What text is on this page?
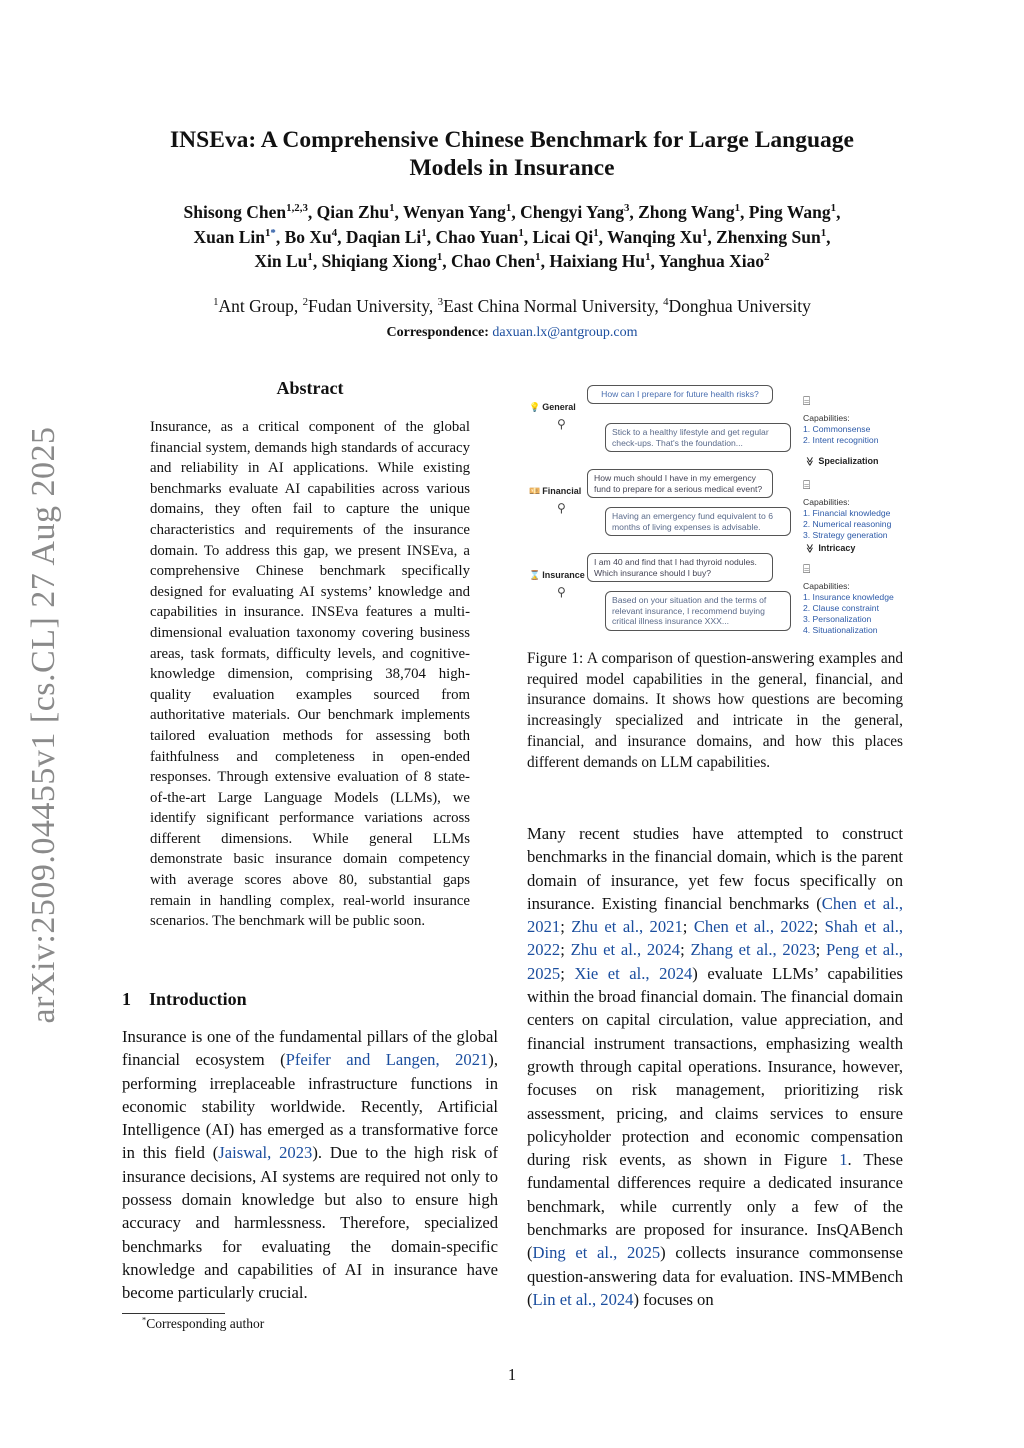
arXiv:2509.04455v1 [cs.CL] 27 Aug 2025
INSEva: A Comprehensive Chinese Benchmark for Large Language
Models in Insurance
Shisong Chen$^{1,2,3}$, Qian Zhu$^1$, Wenyan Yang$^1$, Chengyi Yang$^3$, Zhong Wang$^1$, Ping Wang$^1$,
Xuan Lin$^{1*}$, Bo Xu$^4$, Daqian Li$^1$, Chao Yuan$^1$, Licai Qi$^1$, Wanqing Xu$^1$, Zhenxing Sun$^1$,
Xin Lu$^1$, Shiqiang Xiong$^1$, Chao Chen$^1$, Haixiang Hu$^1$, Yanghua Xiao$^2$
$^1$Ant Group, $^2$Fudan University, $^3$East China Normal University, $^4$Donghua University
Correspondence: daxuan.lx@antgroup.com
Abstract
Insurance, as a critical component of the global financial system, demands high standards of accuracy and reliability in AI applications. While existing benchmarks evaluate AI capabilities across various domains, they often fail to capture the unique characteristics and requirements of the insurance domain. To address this gap, we present INSEva, a comprehensive Chinese benchmark specifically designed for evaluating AI systems’ knowledge and capabilities in insurance. INSEva features a multi-dimensional evaluation taxonomy covering business areas, task formats, difficulty levels, and cognitive-knowledge dimension, comprising 38,704 high-quality evaluation examples sourced from authoritative materials. Our benchmark implements tailored evaluation methods for assessing both faithfulness and completeness in open-ended responses. Through extensive evaluation of 8 state-of-the-art Large Language Models (LLMs), we identify significant performance variations across different dimensions. While general LLMs demonstrate basic insurance domain competency with average scores above 80, substantial gaps remain in handling complex, real-world insurance scenarios. The benchmark will be public soon.
1 Introduction
Insurance is one of the fundamental pillars of the global financial ecosystem (Pfeifer and Langen, 2021), performing irreplaceable infrastructure functions in economic stability worldwide. Recently, Artificial Intelligence (AI) has emerged as a transformative force in this field (Jaiswal, 2023). Due to the high risk of insurance decisions, AI systems are required not only to possess domain knowledge but also to ensure high accuracy and harmlessness. Therefore, specialized benchmarks for evaluating the domain-specific knowledge and capabilities of AI in insurance have become particularly crucial.
*Corresponding author
💡 General
⚲
How can I prepare for future health risks?
Stick to a healthy lifestyle and get regular check-ups. That's the foundation...
⌸
Capabilities:
1. Commonsense
2. Intent recognition
💴 Financial
⚲
How much should I have in my emergency fund to prepare for a serious medical event?
Having an emergency fund equivalent to 6 months of living expenses is advisable.
⌸
Capabilities:
1. Financial knowledge
2. Numerical reasoning
3. Strategy generation
⌛ Insurance
⚲
I am 40 and find that I had thyroid nodules. Which insurance should I buy?
Based on your situation and the terms of relevant insurance, I recommend buying critical illness insurance XXX...
⌸
Capabilities:
1. Insurance knowledge
2. Clause constraint
3. Personalization
4. Situationalization
≫Specialization
≫Intricacy
Figure 1: A comparison of question-answering examples and required model capabilities in the general, financial, and insurance domains. It shows how questions are becoming increasingly specialized and intricate in the general, financial, and insurance domains, and how this places different demands on LLM capabilities.
Many recent studies have attempted to construct benchmarks in the financial domain, which is the parent domain of insurance, yet few focus specifically on insurance. Existing financial benchmarks (Chen et al., 2021; Zhu et al., 2021; Chen et al., 2022; Shah et al., 2022; Zhu et al., 2024; Zhang et al., 2023; Peng et al., 2025; Xie et al., 2024) evaluate LLMs’ capabilities within the broad financial domain. The financial domain centers on capital circulation, value appreciation, and financial instrument transactions, emphasizing wealth growth through capital operations. Insurance, however, focuses on risk management, prioritizing risk assessment, pricing, and claims services to ensure policyholder protection and economic compensation during risk events, as shown in Figure 1. These fundamental differences require a dedicated insurance benchmark, while currently only a few of the benchmarks are proposed for insurance. InsQABench (Ding et al., 2025) collects insurance commonsense question-answering data for evaluation. INS-MMBench (Lin et al., 2024) focuses on
1
